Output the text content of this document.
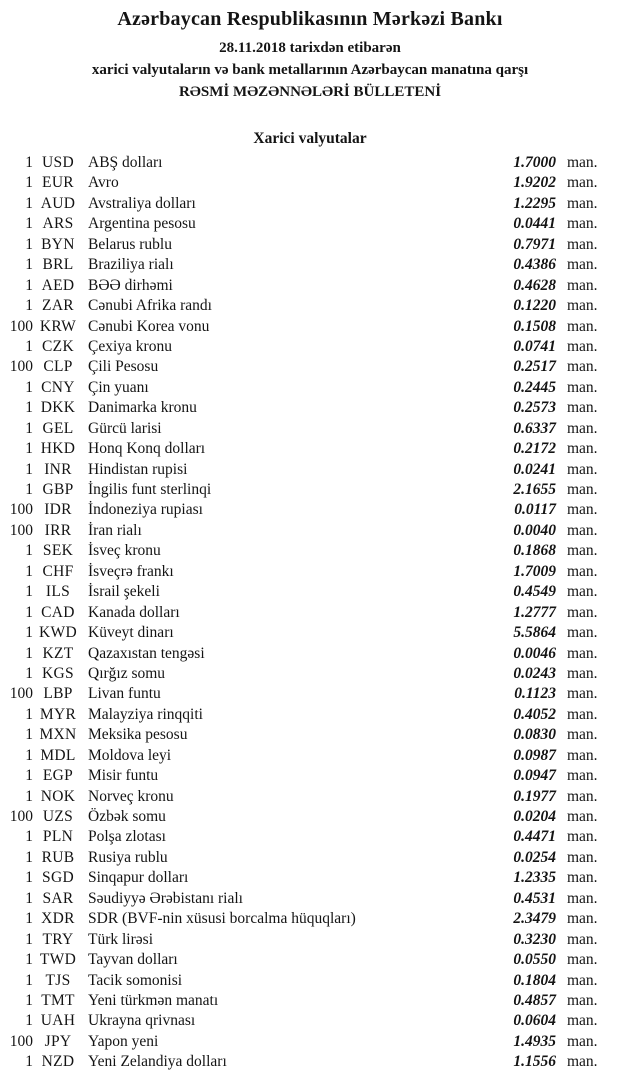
Azərbaycan Respublikasının Mərkəzi Bankı
28.11.2018 tarixdən etibarən
xarici valyutaların və bank metallarının Azərbaycan manatına qarşı
RƏSMİ MƏZƏNNƏLƏRİ BÜLLETENİ
Xarici valyutalar
1 USD ABŞ dolları	1.7000 man.
1 EUR Avro	1.9202 man.
1 AUD Avstraliya dolları	1.2295 man.
1 ARS Argentina pesosu	0.0441 man.
1 BYN Belarus rublu	0.7971 man.
1 BRL Braziliya rialı	0.4386 man.
1 AED BƏƏ dirhəmi	0.4628 man.
1 ZAR Cənubi Afrika randı	0.1220 man.
100 KRW Cənubi Korea vonu	0.1508 man.
1 CZK Çexiya kronu	0.0741 man.
100 CLP Çili Pesosu	0.2517 man.
1 CNY Çin yuanı	0.2445 man.
1 DKK Danimarka kronu	0.2573 man.
1 GEL Gürcü larisi	0.6337 man.
1 HKD Honq Konq dolları	0.2172 man.
1 INR	Hindistan rupisi	0.0241 man.
1 GBP İngilis funt sterlinqi	2.1655 man.
100 IDR	İndoneziya rupiası	0.0117 man.
100 IRR	İran rialı	0.0040 man.
1 SEK İsveç kronu	0.1868 man.
1 CHF İsveçrə frankı	1.7009 man.
1 ILS	İsrail şekeli	0.4549 man.
1 CAD Kanada dolları	1.2777 man.
1 KWD Küveyt dinarı	5.5864 man.
1 KZT Qazaxıstan tengəsi	0.0046 man.
1 KGS Qırğız somu	0.0243 man.
100 LBP Livan funtu	0.1123 man.
1 MYR Malayziya rinqqiti	0.4052 man.
1 MXN Meksika pesosu	0.0830 man.
1 MDL Moldova leyi	0.0987 man.
1 EGP Misir funtu	0.0947 man.
1 NOK Norveç kronu	0.1977 man.
100 UZS Özbək somu	0.0204 man.
1 PLN Polşa zlotası	0.4471 man.
1 RUB Rusiya rublu	0.0254 man.
1 SGD Sinqapur dolları	1.2335 man.
1 SAR Səudiyyə Ərəbistanı rialı	0.4531 man.
1 XDR SDR (BVF-nin xüsusi borcalma hüquqları)	2.3479 man.
1 TRY Türk lirəsi	0.3230 man.
1 TWD Tayvan dolları	0.0550 man.
1 TJS	Tacik somonisi	0.1804 man.
1 TMT Yeni türkmən manatı	0.4857 man.
1 UAH Ukrayna qrivnası	0.0604 man.
100 JPY	Yapon yeni	1.4935 man.
1 NZD Yeni Zelandiya dolları	1.1556 man.
